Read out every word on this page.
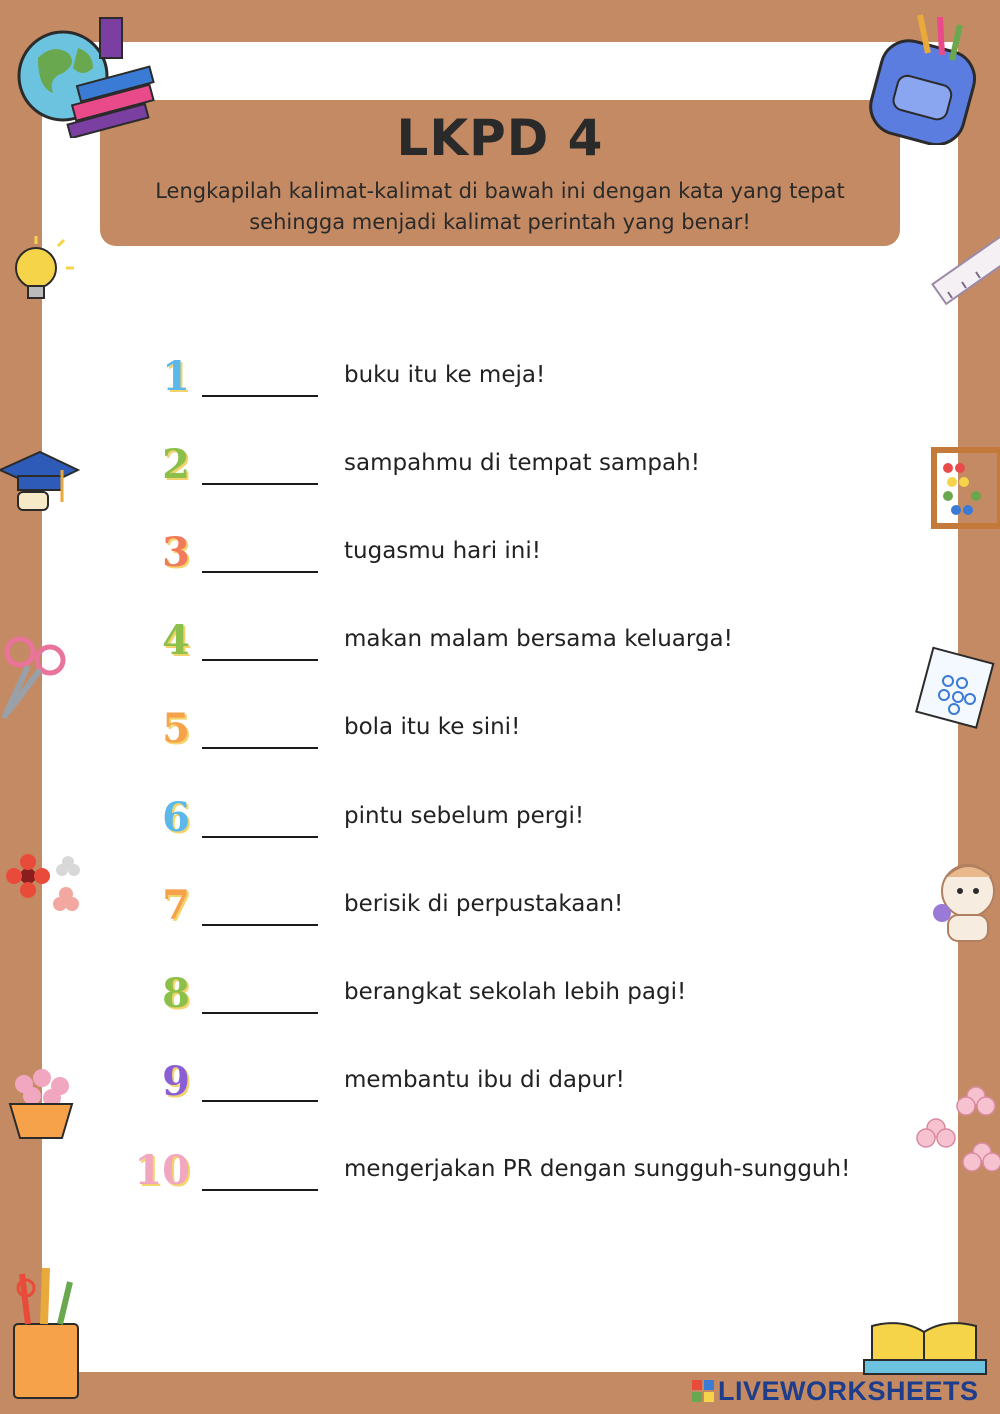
LKPD 4
Lengkapilah kalimat-kalimat di bawah ini dengan kata yang tepat
sehingga menjadi kalimat perintah yang benar!
1	buku itu ke meja!
2	sampahmu di tempat sampah!
3	tugasmu hari ini!
4	makan malam bersama keluarga!
5	bola itu ke sini!
6	pintu sebelum pergi!
7	berisik di perpustakaan!
8	berangkat sekolah lebih pagi!
9	membantu ibu di dapur!
10	mengerjakan PR dengan sungguh-sungguh!
LIVEWORKSHEETS
